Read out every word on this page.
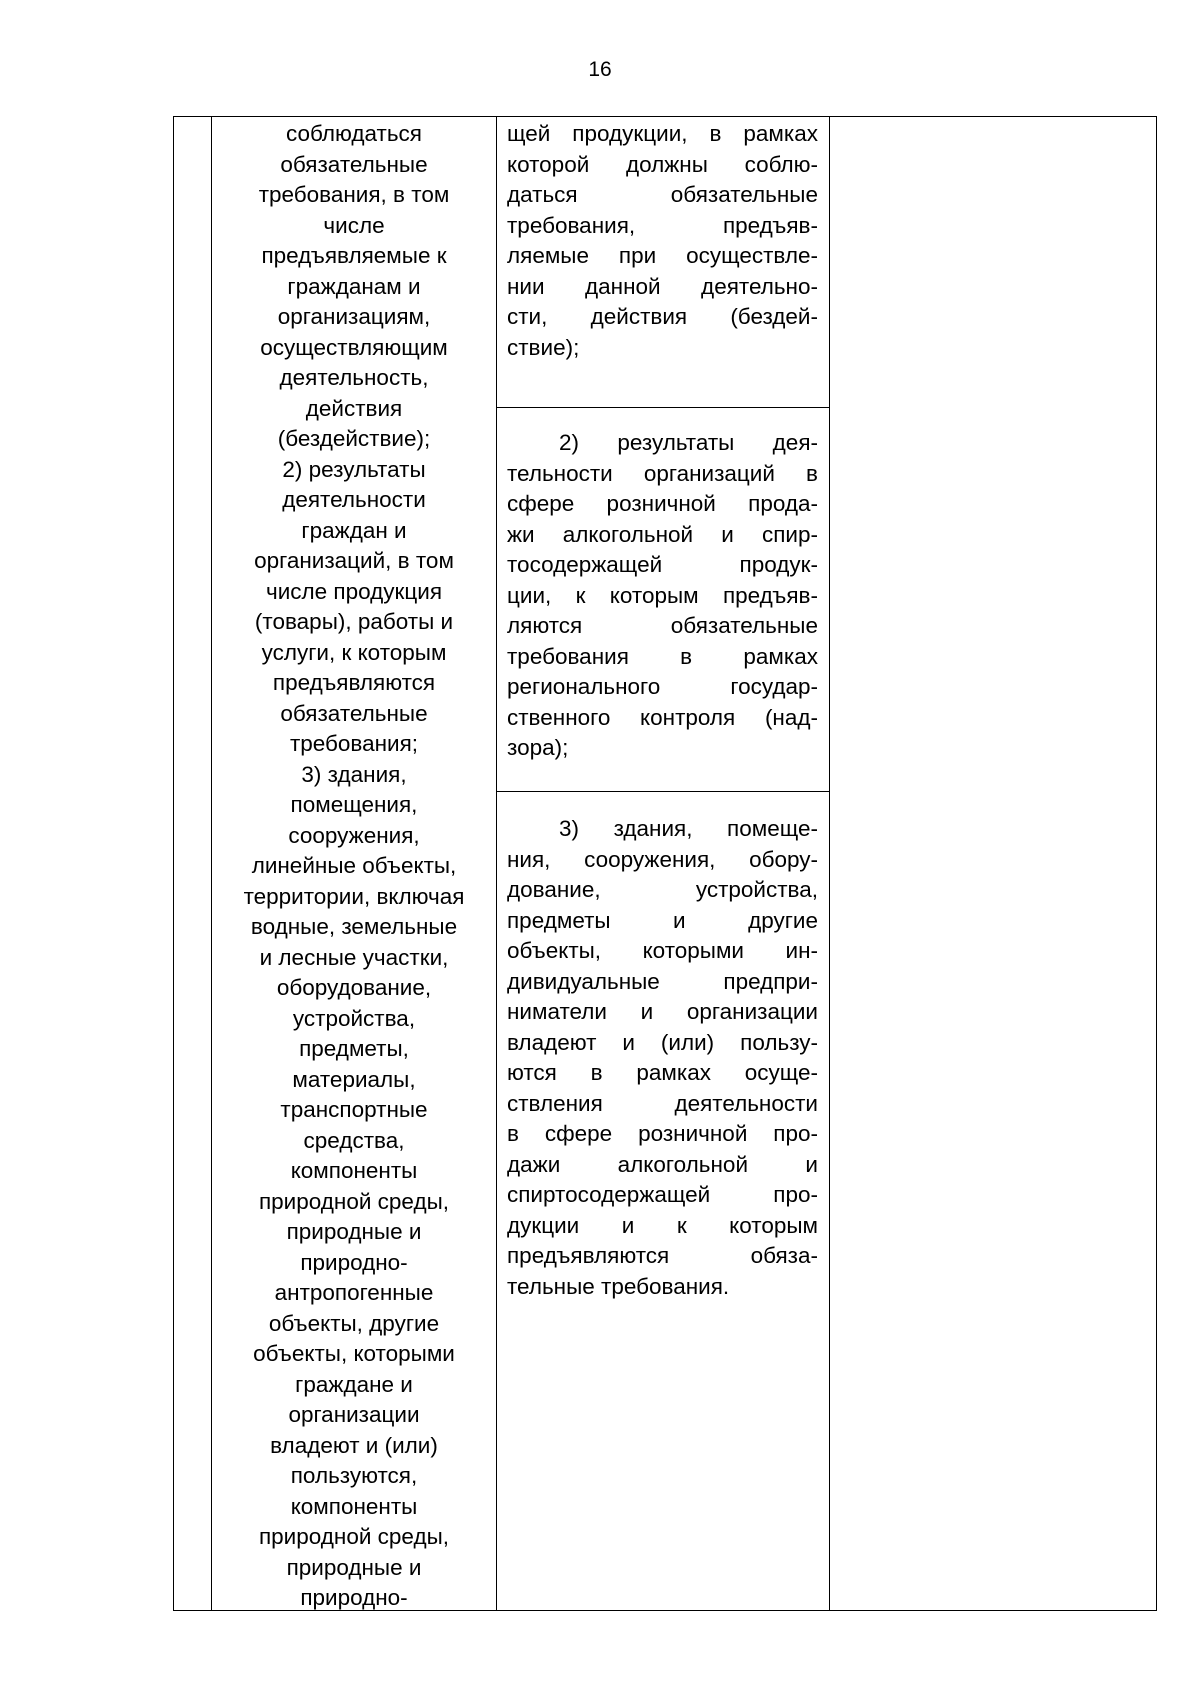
16

соблюдаться
обязательные
требования, в том
числе
предъявляемые к
гражданам и
организациям,
осуществляющим
деятельность,
действия
(бездействие);
2) результаты
деятельности
граждан и
организаций, в том
числе продукция
(товары), работы и
услуги, к которым
предъявляются
обязательные
требования;
3) здания,
помещения,
сооружения,
линейные объекты,
территории, включая
водные, земельные
и лесные участки,
оборудование,
устройства,
предметы,
материалы,
транспортные
средства,
компоненты
природной среды,
природные и
природно-
антропогенные
объекты, другие
объекты, которыми
граждане и
организации
владеют и (или)
пользуются,
компоненты
природной среды,
природные и
природно-

щей продукции, в рамках
которой должны соблю-
даться обязательные
требования, предъяв-
ляемые при осуществле-
нии данной деятельно-
сти, действия (бездей-
ствие);

2) результаты дея-
тельности организаций в
сфере розничной прода-
жи алкогольной и спир-
тосодержащей продук-
ции, к которым предъяв-
ляются обязательные
требования в рамках
регионального государ-
ственного контроля (над-
зора);

3) здания, помеще-
ния, сооружения, обору-
дование, устройства,
предметы и другие
объекты, которыми ин-
дивидуальные предпри-
ниматели и организации
владеют и (или) пользу-
ются в рамках осуще-
ствления деятельности
в сфере розничной про-
дажи алкогольной и
спиртосодержащей про-
дукции и к которым
предъявляются обяза-
тельные требования.
